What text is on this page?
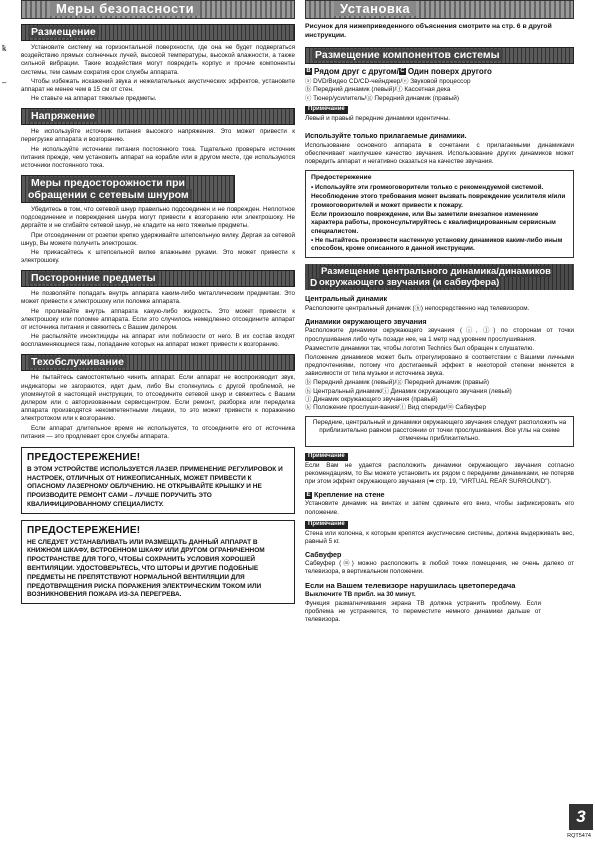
ꝅ
–
Меры безопасности
Размещение

Установите систему на горизонтальной поверхности, где она не будет подвергаться воздействию прямых солнечных лучей, высокой температуры, высокой влажности, а также сильной вибрации. Такие воздействия могут повредить корпус и прочие компоненты системы, тем самым сократив срок службы аппарата.

Чтобы избежать искажений звука и нежелательных акустических эффектов, установите аппарат не менее чем в 15 см от стен.

Не ставьте на аппарат тяжелые предметы.

Напряжение

Не используйте источник питания высокого напряжения. Это может привести к перегрузке аппарата и возгоранию.

Не используйте источники питания постоянного тока. Тщательно проверьте источник питания прежде, чем установить аппарат на корабле или в другом месте, где используются источники постоянного тока.

Меры предосторожности при обращении с сетевым шнуром

Убедитесь в том, что сетевой шнур правильно подсоединен и не поврежден. Неплотное подсоединение и повреждения шнура могут привести к возгоранию или электрошоку. Не дергайте и не сгибайте сетевой шнур, не кладите на него тяжелые предметы.

При отсоединении от розетки крепко удерживайте штепсельную вилку. Дергая за сетевой шнур, Вы можете получить электрошок.

Не прикасайтесь к штепсельной вилке влажными руками. Это может привести к электрошоку.

Посторонние предметы

Не позволяйте попадать внутрь аппарата каким-либо металлическим предметам. Это может привести к электрошоку или поломке аппарата.

Не проливайте внутрь аппарата какую-либо жидкость. Это может привести к электрошоку или поломке аппарата. Если это случилось немедленно отсоедините аппарат от источника питания и свяжитесь с Вашим дилером.

Не распыляйте инсектициды на аппарат или поблизости от него. В их состав входят воспламеняющиеся газы, попадание которых на аппарат может привести к возгоранию.

Техобслуживание

Не пытайтесь самостоятельно чинить аппарат. Если аппарат не воспроизводит звук, индикаторы не загораются, идет дым, либо Вы столкнулись с другой проблемой, не упомянутой в настоящей инструкции, то отсоедините сетевой шнур и свяжитесь с Вашим дилером или с авторизованным сервисцентром. Если ремонт, разборка или переделка аппарата производятся некомпетентными лицами, то это может привести к поражению электротоком или к возгоранию.

Если аппарат длительное время не используется, то отсоедините его от источника питания — это продлевает срок службы аппарата.

ПРЕДОСТЕРЕЖЕНИЕ!
В ЭТОМ УСТРОЙСТВЕ ИСПОЛЬЗУЕТСЯ ЛАЗЕР. ПРИМЕНЕНИЕ РЕГУЛИРОВОК И НАСТРОЕК, ОТЛИЧНЫХ ОТ НИЖЕОПИСАННЫХ, МОЖЕТ ПРИВЕСТИ К ОПАСНОМУ ЛАЗЕРНОМУ ОБЛУЧЕНИЮ. НЕ ОТКРЫВАЙТЕ КРЫШКУ И НЕ ПРОИЗВОДИТЕ РЕМОНТ САМИ – ЛУЧШЕ ПОРУЧИТЬ ЭТО КВАЛИФИЦИРОВАННОМУ СПЕЦИАЛИСТУ.
ПРЕДОСТЕРЕЖЕНИЕ!
НЕ СЛЕДУЕТ УСТАНАВЛИВАТЬ ИЛИ РАЗМЕЩАТЬ ДАННЫЙ АППАРАТ В КНИЖНОМ ШКАФУ, ВСТРОЕННОМ ШКАФУ ИЛИ ДРУГОМ ОГРАНИЧЕННОМ ПРОСТРАНСТВЕ ДЛЯ ТОГО, ЧТОБЫ СОХРАНИТЬ УСЛОВИЯ ХОРОШЕЙ ВЕНТИЛЯЦИИ. УДОСТОВЕРЬТЕСЬ, ЧТО ШТОРЫ И ДРУГИЕ ПОДОБНЫЕ ПРЕДМЕТЫ НЕ ПРЕПЯТСТВУЮТ НОРМАЛЬНОЙ ВЕНТИЛЯЦИИ ДЛЯ ПРЕДОТВРАЩЕНИЯ РИСКА ПОРАЖЕНИЯ ЭЛЕКТРИЧЕСКИМ ТОКОМ ИЛИ ВОЗНИКНОВЕНИЯ ПОЖАРА ИЗ-ЗА ПЕРЕГРЕВА.
Установка
Рисунок для нижеприведенного объяснения смотрите на стр. 6 в другой инструкции.
Размещение компонентов системы
B Рядом друг с другом/C Один поверх другого
ⓐ DVD/Видео CD/CD-чейнджер/ⓔ Звуковой процессор
ⓑ Передний динамик (левый)/ⓕ Кассетная дека
ⓒ Тюнер/усилитель/ⓖ Передний динамик (правый)
Примечание
Левый и правый передние динамики идентичны.
Используйте только прилагаемые динамики.

Использование основного аппарата в сочетании с прилагаемыми динамиками обеспечивает наилучшее качество звучания. Использование других динамиков может повредить аппарат и негативно сказаться на качестве звучания.

Предостережение
• Используйте эти громкоговорители только с рекомендуемой системой.
Несоблюдение этого требования может вызвать повреждение усилителя и/или громкоговорителей и может привести к пожару.
Если произошло повреждение, или Вы заметили внезапное изменение характера работы, проконсультируйтесь с квалифицированным сервисным специалистом.
• Не пытайтесь произвести настенную установку динамиков каким-либо иным способом, кроме описанного в данной инструкции.
D
Размещение центрального динамика/динамиков окружающего звучания (и сабвуфера)
Центральный динамик

Расположите центральный динамик (ⓗ) непосредственно над телевизором.

Динамики окружающего звучания

Расположите динамики окружающего звучания (ⓘ, ⓙ) по сторонам от точки прослушивания либо чуть позади нее, на 1 метр над уровнем прослушивания.

Разместите динамики так, чтобы логотип Technics был обращен к слушателю.

Положение динамиков может быть отрегулировано в соответствии с Вашими личными предпочтениями, потому что достигаемый эффект в некоторой степени меняется в зависимости от типа музыки и источника звука.

ⓑ Передний динамик (левый)/ⓖ Передний динамик (правый)
ⓗ Центральный динамик/ⓘ Динамик окружающего звучания (левый)
ⓙ Динамик окружающего звучания (правый)
ⓚ Положение прослуши-вания/ⓛ Вид спереди/ⓜ Сабвуфер
Передние, центральный и динамики окружающего звучания следует расположить на приблизительно равном расстоянии от точки прослушивания. Все углы на схеме отмечены приблизительно.
Примечание

Если Вам не удается расположить динамики окружающего звучания согласно рекомендациям, то Вы можете установить их рядом с передними динамиками, не потеряв при этом эффект окружающего звучания (➡ стр. 19, "VIRTUAL REAR SURROUND").

E Крепление на стене

Установите динамик на винтах и затем сдвиньте его вниз, чтобы зафиксировать его положение.

Примечание

Стена или колонна, к которым крепятся акустические системы, должна выдерживать вес, равный 5 кг.

Сабвуфер

Сабвуфер (ⓜ) можно расположить в любой точке помещения, не очень далеко от телевизора, в вертикальном положении.

Если на Вашем телевизоре нарушилась цветопередача
Выключите ТВ прибл. на 30 минут.

Функция размагничивания экрана ТВ должна устранить проблему. Если проблема не устраняется, то переместите немного динамики дальше от телевизора.

3
RQT5474
